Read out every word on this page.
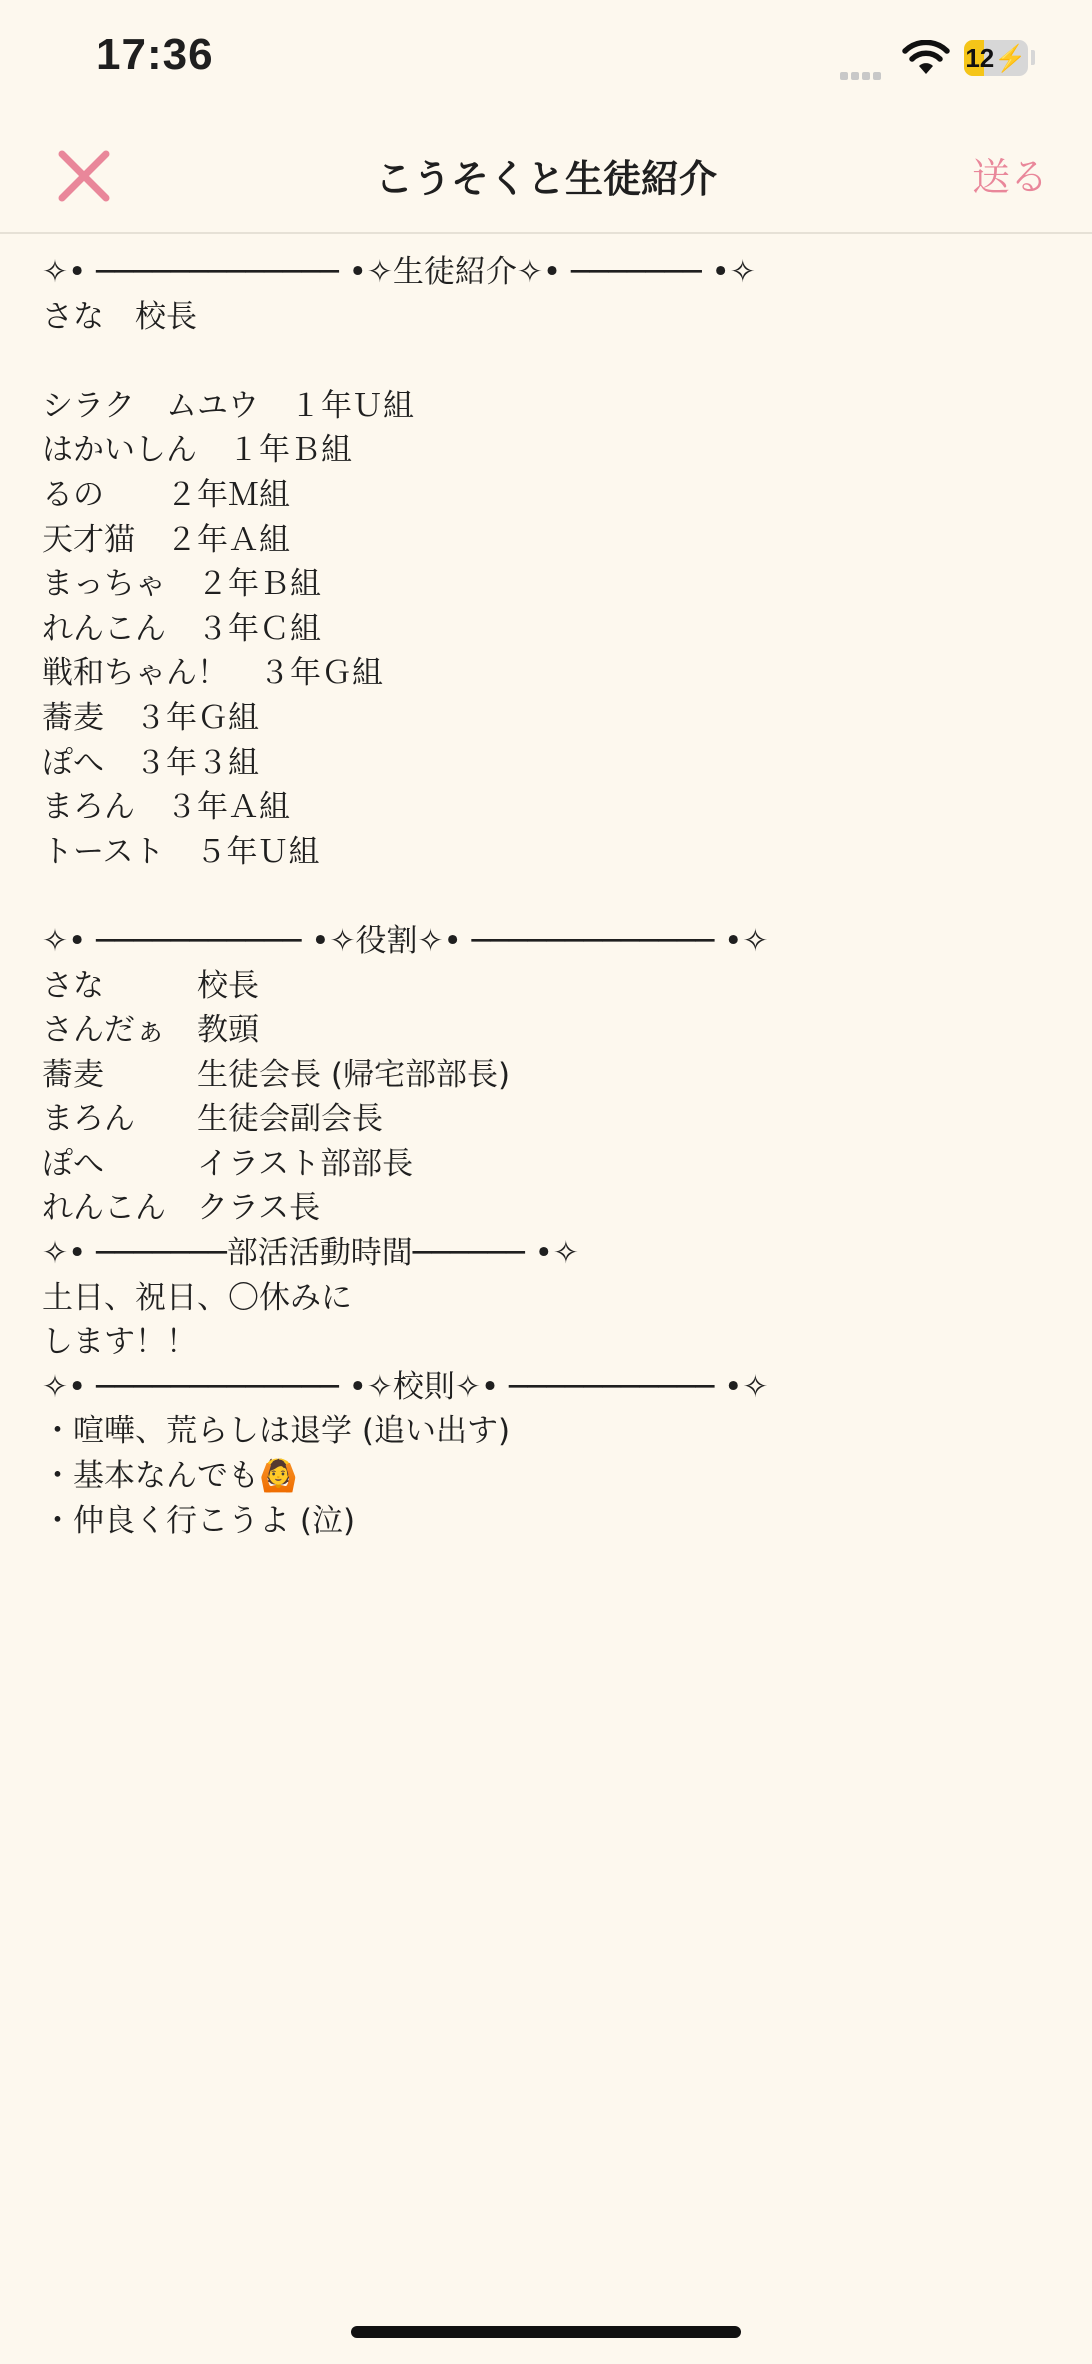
17:36	12⚡
こうそくと生徒紹介	送る
✧• ───────────── •✧生徒紹介✧• ─────── •✧
さな　校長
シラク　ムユウ　１年Ｕ組
はかいしん　１年Ｂ組
るの　　２年Ｍ組
天才猫　２年Ａ組
まっちゃ　２年Ｂ組
れんこん　３年Ｃ組
戦和ちゃん！　３年Ｇ組
蕎麦　３年Ｇ組
ぽへ　３年３組
まろん　３年Ａ組
トースト　５年Ｕ組
✧• ─────────── •✧役割✧• ───────────── •✧
さな　　　校長
さんだぁ　教頭
蕎麦　　　生徒会長 (帰宅部部長)
まろん　　生徒会副会長
ぽへ　　　イラスト部部長
れんこん　クラス長
✧• ───────部活活動時間────── •✧
土日、祝日、〇休みに
します！！
✧• ───────────── •✧校則✧• ─────────── •✧
・喧嘩、荒らしは退学 (追い出す)
・基本なんでも🙆
・仲良く行こうよ (泣)
